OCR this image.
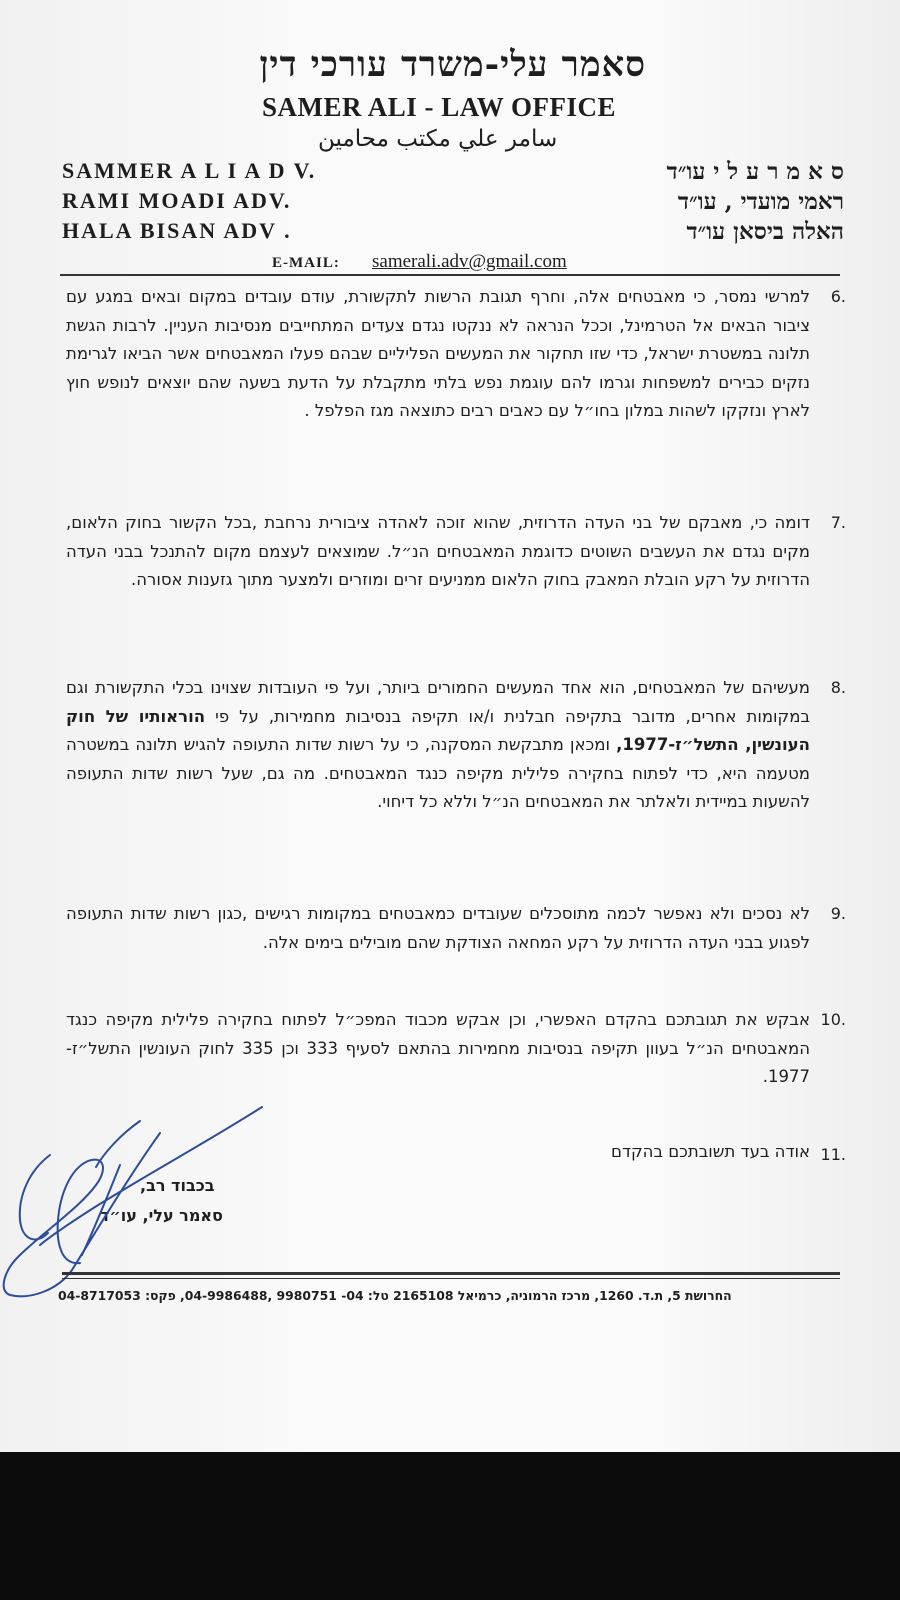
סאמר עלי-משרד עורכי דין
SAMER ALI - LAW OFFICE
سامر علي مكتب محامين
SAMMER A L I A D V.
RAMI MOADI ADV.
HALA BISAN ADV .
ס א מ ר ע ל י עו״ד
ראמי מועדי , עו״ד
האלה ביסאן עו״ד
E-MAIL: samerali.adv@gmail.com
6.

למרשי נמסר, כי מאבטחים אלה, וחרף תגובת הרשות לתקשורת, עודם עובדים במקום ובאים במגע עם ציבור הבאים אל הטרמינל, וככל הנראה לא ננקטו נגדם צעדים המתחייבים מנסיבות העניין. לרבות הגשת תלונה במשטרת ישראל, כדי שזו תחקור את המעשים הפליליים שבהם פעלו המאבטחים אשר הביאו לגרימת נזקים כבירים למשפחות וגרמו להם עוגמת נפש בלתי מתקבלת על הדעת בשעה שהם יוצאים לנופש חוץ לארץ ונזקקו לשהות במלון בחו״ל עם כאבים רבים כתוצאה מגז הפלפל .

7.

דומה כי, מאבקם של בני העדה הדרוזית, שהוא זוכה לאהדה ציבורית נרחבת ,בכל הקשור בחוק הלאום, מקים נגדם את העשבים השוטים כדוגמת המאבטחים הנ״ל. שמוצאים לעצמם מקום להתנכל בבני העדה הדרוזית על רקע הובלת המאבק בחוק הלאום ממניעים זרים ומוזרים ולמצער מתוך גזענות אסורה.

8.

מעשיהם של המאבטחים, הוא אחד המעשים החמורים ביותר, ועל פי העובדות שצוינו בכלי התקשורת וגם במקומות אחרים, מדובר בתקיפה חבלנית ו/או תקיפה בנסיבות מחמירות, על פי הוראותיו של חוק העונשין, התשל״ז-1977, ומכאן מתבקשת המסקנה, כי על רשות שדות התעופה להגיש תלונה במשטרה מטעמה היא, כדי לפתוח בחקירה פלילית מקיפה כנגד המאבטחים. מה גם, שעל רשות שדות התעופה להשעות במיידית ולאלתר את המאבטחים הנ״ל וללא כל דיחוי.

9.

לא נסכים ולא נאפשר לכמה מתוסכלים שעובדים כמאבטחים במקומות רגישים ,כגון רשות שדות התעופה לפגוע בבני העדה הדרוזית על רקע המחאה הצודקת שהם מובילים בימים אלה.

10.

אבקש את תגובתכם בהקדם האפשרי, וכן אבקש מכבוד המפכ״ל לפתוח בחקירה פלילית מקיפה כנגד המאבטחים הנ״ל בעוון תקיפה בנסיבות מחמירות בהתאם לסעיף 333 וכן 335 לחוק העונשין התשל״ז- 1977.

11.

אודה בעד תשובתכם בהקדם

בכבוד רב,
סאמר עלי, עו״ד
החרושת 5, ת.ד. 1260, מרכז הרמוניה, כרמיאל 2165108 טל: 04- 9980751 ,04-9986488, פקס: 04-8717053
